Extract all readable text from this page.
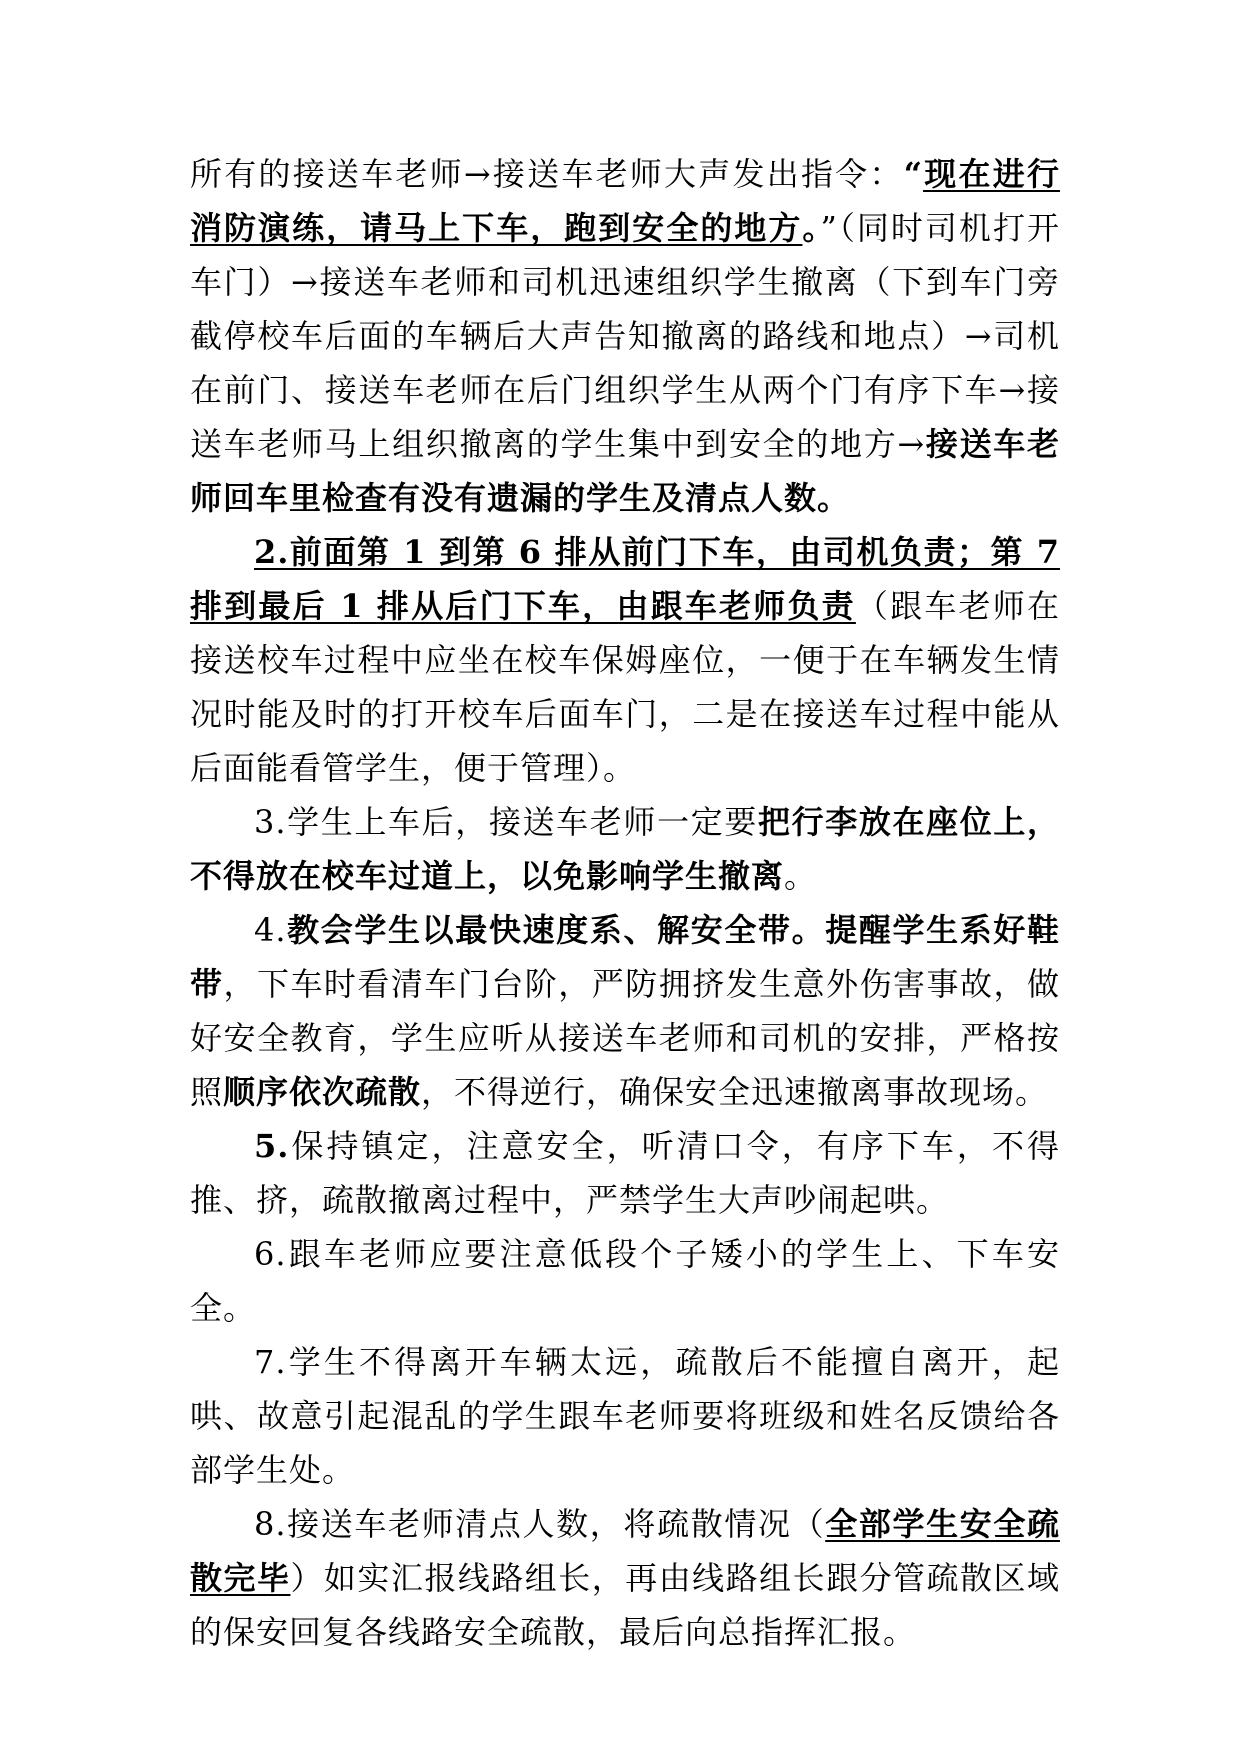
所有的接送车老师→接送车老师大声发出指令：“现在进行消防演练，请马上下车，跑到安全的地方。”（同时司机打开车门）→接送车老师和司机迅速组织学生撤离（下到车门旁截停校车后面的车辆后大声告知撤离的路线和地点）→司机在前门、接送车老师在后门组织学生从两个门有序下车→接送车老师马上组织撤离的学生集中到安全的地方→接送车老师回车里检查有没有遗漏的学生及清点人数。

2.前面第 1 到第 6 排从前门下车，由司机负责；第 7 排到最后 1 排从后门下车，由跟车老师负责（跟车老师在接送校车过程中应坐在校车保姆座位，一便于在车辆发生情况时能及时的打开校车后面车门，二是在接送车过程中能从后面能看管学生，便于管理）。

3.学生上车后，接送车老师一定要把行李放在座位上，不得放在校车过道上，以免影响学生撤离。

4.教会学生以最快速度系、解安全带。提醒学生系好鞋带，下车时看清车门台阶，严防拥挤发生意外伤害事故，做好安全教育，学生应听从接送车老师和司机的安排，严格按照顺序依次疏散，不得逆行，确保安全迅速撤离事故现场。

5.保持镇定，注意安全，听清口令，有序下车，不得推、挤，疏散撤离过程中，严禁学生大声吵闹起哄。

6.跟车老师应要注意低段个子矮小的学生上、下车安全。

7.学生不得离开车辆太远，疏散后不能擅自离开，起哄、故意引起混乱的学生跟车老师要将班级和姓名反馈给各部学生处。

8.接送车老师清点人数，将疏散情况（全部学生安全疏散完毕）如实汇报线路组长，再由线路组长跟分管疏散区域的保安回复各线路安全疏散，最后向总指挥汇报。
